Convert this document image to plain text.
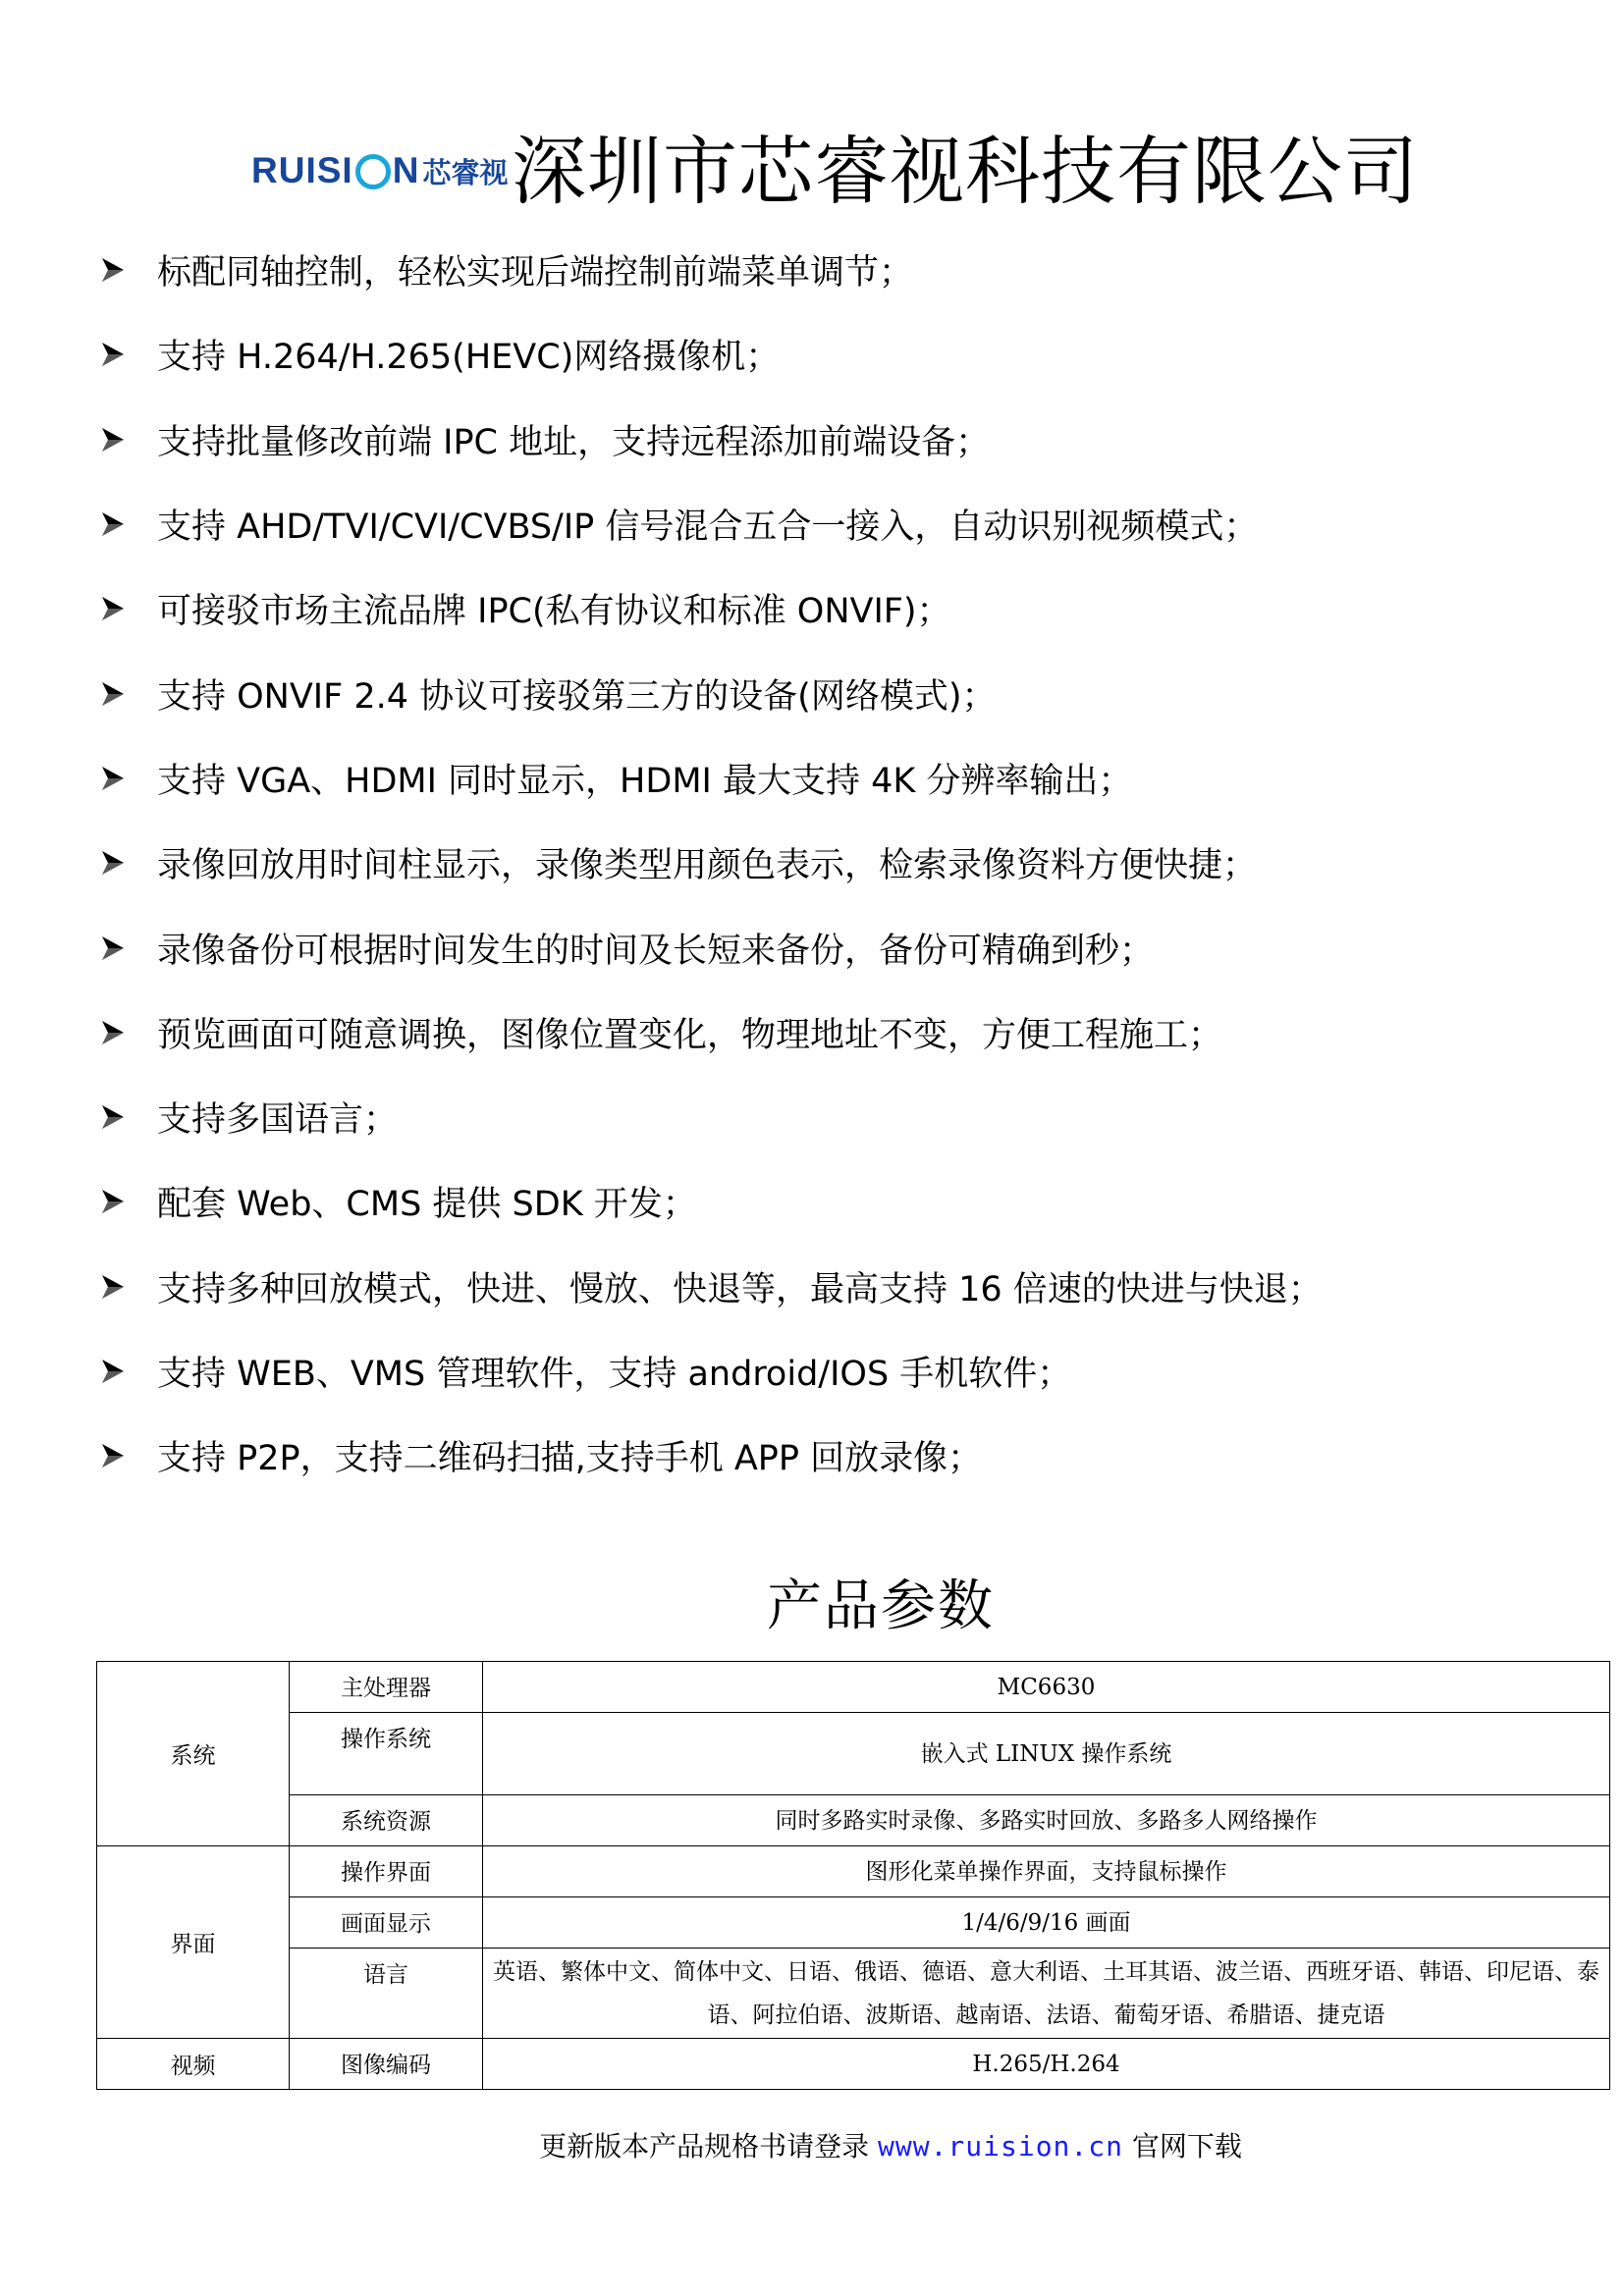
RUISI N 芯睿视 深圳市芯睿视科技有限公司
标配同轴控制，轻松实现后端控制前端菜单调节；
支持 H.264/H.265(HEVC)网络摄像机；
支持批量修改前端 IPC 地址，支持远程添加前端设备；
支持 AHD/TVI/CVI/CVBS/IP 信号混合五合一接入，自动识别视频模式；
可接驳市场主流品牌 IPC(私有协议和标准 ONVIF)；
支持 ONVIF 2.4 协议可接驳第三方的设备(网络模式)；
支持 VGA、HDMI 同时显示，HDMI 最大支持 4K 分辨率输出；
录像回放用时间柱显示，录像类型用颜色表示，检索录像资料方便快捷；
录像备份可根据时间发生的时间及长短来备份，备份可精确到秒；
预览画面可随意调换，图像位置变化，物理地址不变，方便工程施工；
支持多国语言；
配套 Web、CMS 提供 SDK 开发；
支持多种回放模式，快进、慢放、快退等，最高支持 16 倍速的快进与快退；
支持 WEB、VMS 管理软件，支持 android/IOS 手机软件；
支持 P2P，支持二维码扫描,支持手机 APP 回放录像；
产品参数
系统	主处理器	MC6630
	操作系统	嵌入式 LINUX 操作系统
	系统资源	同时多路实时录像、多路实时回放、多路多人网络操作
界面	操作界面	图形化菜单操作界面，支持鼠标操作
	画面显示	1/4/6/9/16 画面
	语言	英语、繁体中文、简体中文、日语、俄语、德语、意大利语、土耳其语、波兰语、西班牙语、韩语、印尼语、泰语、阿拉伯语、波斯语、越南语、法语、葡萄牙语、希腊语、捷克语
视频	图像编码	H.265/H.264
更新版本产品规格书请登录 www.ruision.cn 官网下载
